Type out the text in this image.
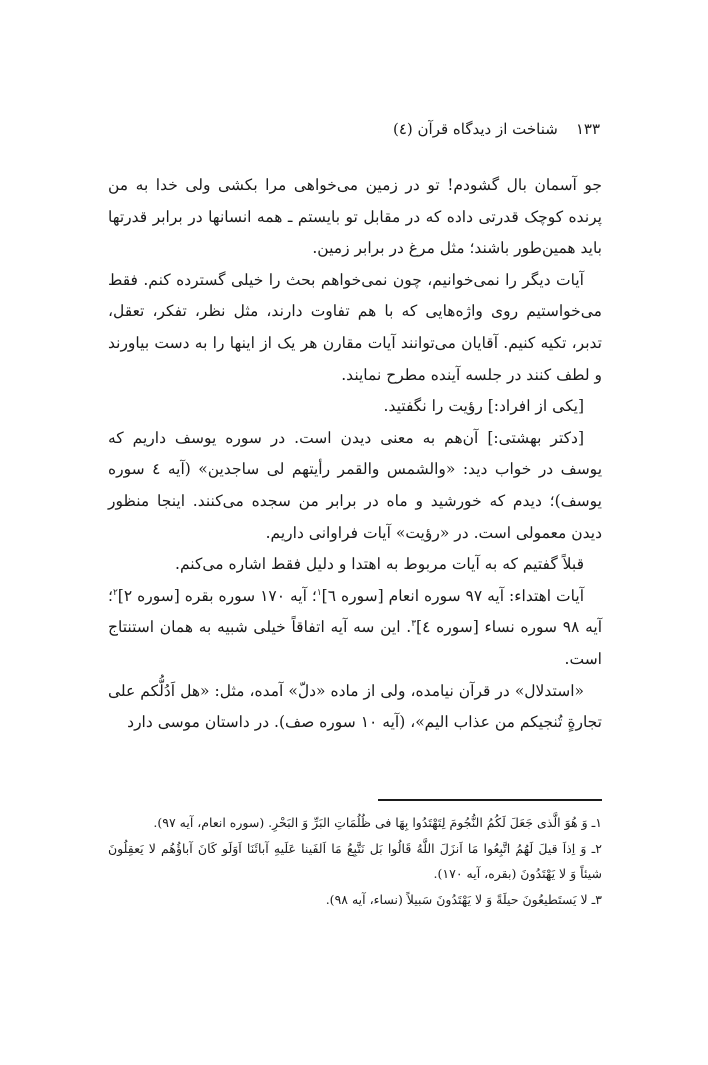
١٣٣شناخت از دیدگاه قرآن (٤)

جو آسمان بال گشودم! تو در زمین می‌خواهی مرا بکشی ولی خدا به من پرنده کوچک قدرتی داده که در مقابل تو بایستم ـ همه انسانها در برابر قدرتها باید همین‌طور باشند؛ مثل مرغ در برابر زمین.

آیات دیگر را نمی‌خوانیم، چون نمی‌خواهم بحث را خیلی گسترده کنم. فقط می‌خواستیم روی واژه‌هایی که با هم تفاوت دارند، مثل نظر، تفکر، تعقل، تدبر، تکیه کنیم. آقایان می‌توانند آیات مقارن هر یک از اینها را به دست بیاورند و لطف کنند در جلسه آینده مطرح نمایند.

[یکی از افراد:] رؤیت را نگفتید.

[دکتر بهشتی:] آن‌هم به معنی دیدن است. در سوره یوسف داریم که یوسف در خواب دید: «والشمس والقمر رأیتهم لی ساجدین» (آیه ٤ سوره یوسف)؛ دیدم که خورشید و ماه در برابر من سجده می‌کنند. اینجا منظور دیدن معمولی است. در «رؤیت» آیات فراوانی داریم.

قبلاً گفتیم که به آیات مربوط به اهتدا و دلیل فقط اشاره می‌کنم.

آیات اهتداء: آیه ٩٧ سوره انعام [سوره ٦]$^١$؛ آیه ١٧٠ سوره بقره [سوره ٢]$^٢$؛ آیه ٩٨ سوره نساء [سوره ٤]$^٣$. این سه آیه اتفاقاً خیلی شبیه به همان استنتاج است.

«استدلال» در قرآن نیامده، ولی از ماده «دلّ» آمده، مثل: «هل اَدُلُّکم علی تجارةٍ تُنجیکم من عذاب الیم»، (آیه ١٠ سوره صف). در داستان موسی دارد

١ـ وَ هُوَ الَّذی جَعَلَ لَکُمُ النُّجُومَ لِتَهْتَدُوا بِهَا فی ظُلُمَاتِ البَرِّ وَ البَحْرِ. (سوره انعام، آیه ٩٧).

٢ـ وَ اِذاَ قیلَ لَهُمُ اتَّبِعُوا مَا اَنزَلَ اللَّهُ قَالُوا بَل نَتَّبِعُ مَا اَلفَینا عَلَیهِ آبائَنَا اَوَلَو کَانَ آباؤُهُم لا یَعقِلُونَ شیئاً وَ لا یَهْتَدُونَ (بقره، آیه ١٧٠).

٣ـ لا یَستَطیعُونَ حیلَةً وَ لا یَهْتَدُونَ سَبیلاً (نساء، آیه ٩٨).
